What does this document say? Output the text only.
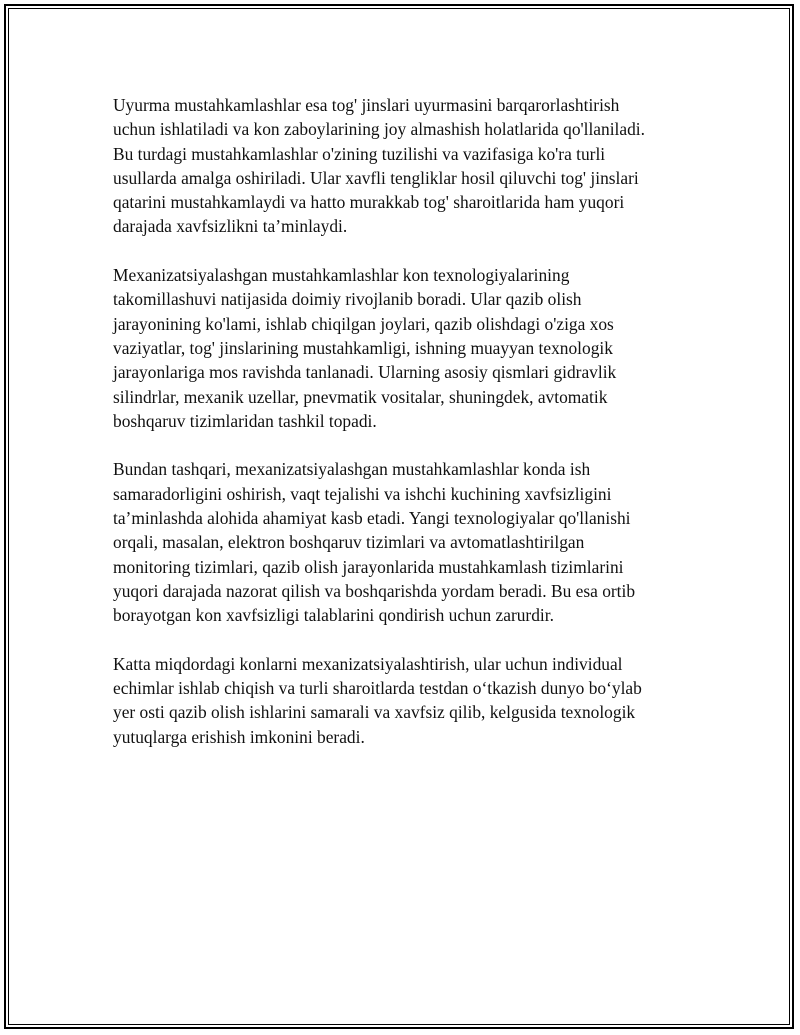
Uyurma mustahkamlashlar esa tog' jinslari uyurmasini barqarorlashtirish
uchun ishlatiladi va kon zaboylarining joy almashish holatlarida qo'llaniladi.
Bu turdagi mustahkamlashlar o'zining tuzilishi va vazifasiga ko'ra turli
usullarda amalga oshiriladi. Ular xavfli tengliklar hosil qiluvchi tog' jinslari
qatarini mustahkamlaydi va hatto murakkab tog' sharoitlarida ham yuqori
darajada xavfsizlikni ta’minlaydi.

Mexanizatsiyalashgan mustahkamlashlar kon texnologiyalarining
takomillashuvi natijasida doimiy rivojlanib boradi. Ular qazib olish
jarayonining ko'lami, ishlab chiqilgan joylari, qazib olishdagi o'ziga xos
vaziyatlar, tog' jinslarining mustahkamligi, ishning muayyan texnologik
jarayonlariga mos ravishda tanlanadi. Ularning asosiy qismlari gidravlik
silindrlar, mexanik uzellar, pnevmatik vositalar, shuningdek, avtomatik
boshqaruv tizimlaridan tashkil topadi.

Bundan tashqari, mexanizatsiyalashgan mustahkamlashlar konda ish
samaradorligini oshirish, vaqt tejalishi va ishchi kuchining xavfsizligini
ta’minlashda alohida ahamiyat kasb etadi. Yangi texnologiyalar qo'llanishi
orqali, masalan, elektron boshqaruv tizimlari va avtomatlashtirilgan
monitoring tizimlari, qazib olish jarayonlarida mustahkamlash tizimlarini
yuqori darajada nazorat qilish va boshqarishda yordam beradi. Bu esa ortib
borayotgan kon xavfsizligi talablarini qondirish uchun zarurdir.

Katta miqdordagi konlarni mexanizatsiyalashtirish, ular uchun individual
echimlar ishlab chiqish va turli sharoitlarda testdan o‘tkazish dunyo bo‘ylab
yer osti qazib olish ishlarini samarali va xavfsiz qilib, kelgusida texnologik
yutuqlarga erishish imkonini beradi.
